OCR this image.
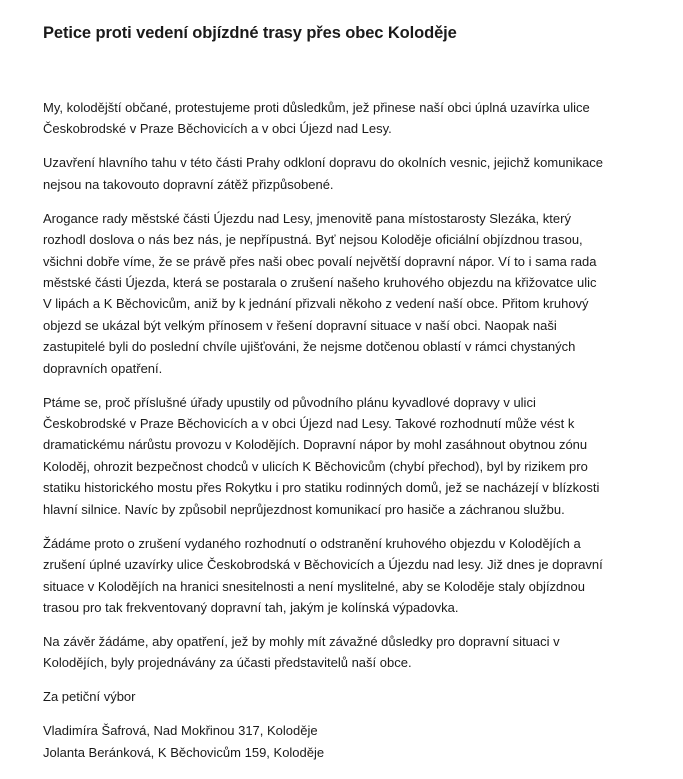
Petice proti vedení objízdné trasy přes obec Koloděje

My, kolodějští občané, protestujeme proti důsledkům, jež přinese naší obci úplná uzavírka ulice
Českobrodské v Praze Běchovicích a v obci Újezd nad Lesy.

Uzavření hlavního tahu v této části Prahy odkloní dopravu do okolních vesnic, jejichž komunikace
nejsou na takovouto dopravní zátěž přizpůsobené.

Arogance rady městské části Újezdu nad Lesy, jmenovitě pana místostarosty Slezáka, který
rozhodl doslova o nás bez nás, je nepřípustná. Byť nejsou Koloděje oficiální objízdnou trasou,
všichni dobře víme, že se právě přes naši obec povalí největší dopravní nápor. Ví to i sama rada
městské části Újezda, která se postarala o zrušení našeho kruhového objezdu na křižovatce ulic
V lipách a K Běchovicům, aniž by k jednání přizvali někoho z vedení naší obce. Přitom kruhový
objezd se ukázal být velkým přínosem v řešení dopravní situace v naší obci. Naopak naši
zastupitelé byli do poslední chvíle ujišťováni, že nejsme dotčenou oblastí v rámci chystaných
dopravních opatření.

Ptáme se, proč příslušné úřady upustily od původního plánu kyvadlové dopravy v ulici
Českobrodské v Praze Běchovicích a v obci Újezd nad Lesy. Takové rozhodnutí může vést k
dramatickému nárůstu provozu v Kolodějích. Dopravní nápor by mohl zasáhnout obytnou zónu
Koloděj, ohrozit bezpečnost chodců v ulicích K Běchovicům (chybí přechod), byl by rizikem pro
statiku historického mostu přes Rokytku i pro statiku rodinných domů, jež se nacházejí v blízkosti
hlavní silnice. Navíc by způsobil neprůjezdnost komunikací pro hasiče a záchranou službu.

Žádáme proto o zrušení vydaného rozhodnutí o odstranění kruhového objezdu v Kolodějích a
zrušení úplné uzavírky ulice Českobrodská v Běchovicích a Újezdu nad lesy. Již dnes je dopravní
situace v Kolodějích na hranici snesitelnosti a není myslitelné, aby se Koloděje staly objízdnou
trasou pro tak frekventovaný dopravní tah, jakým je kolínská výpadovka.

Na závěr žádáme, aby opatření, jež by mohly mít závažné důsledky pro dopravní situaci v
Kolodějích, byly projednávány za účasti představitelů naší obce.

Za petiční výbor

Vladimíra Šafrová, Nad Mokřinou 317, Koloděje
Jolanta Beránková, K Běchovicům 159, Koloděje
